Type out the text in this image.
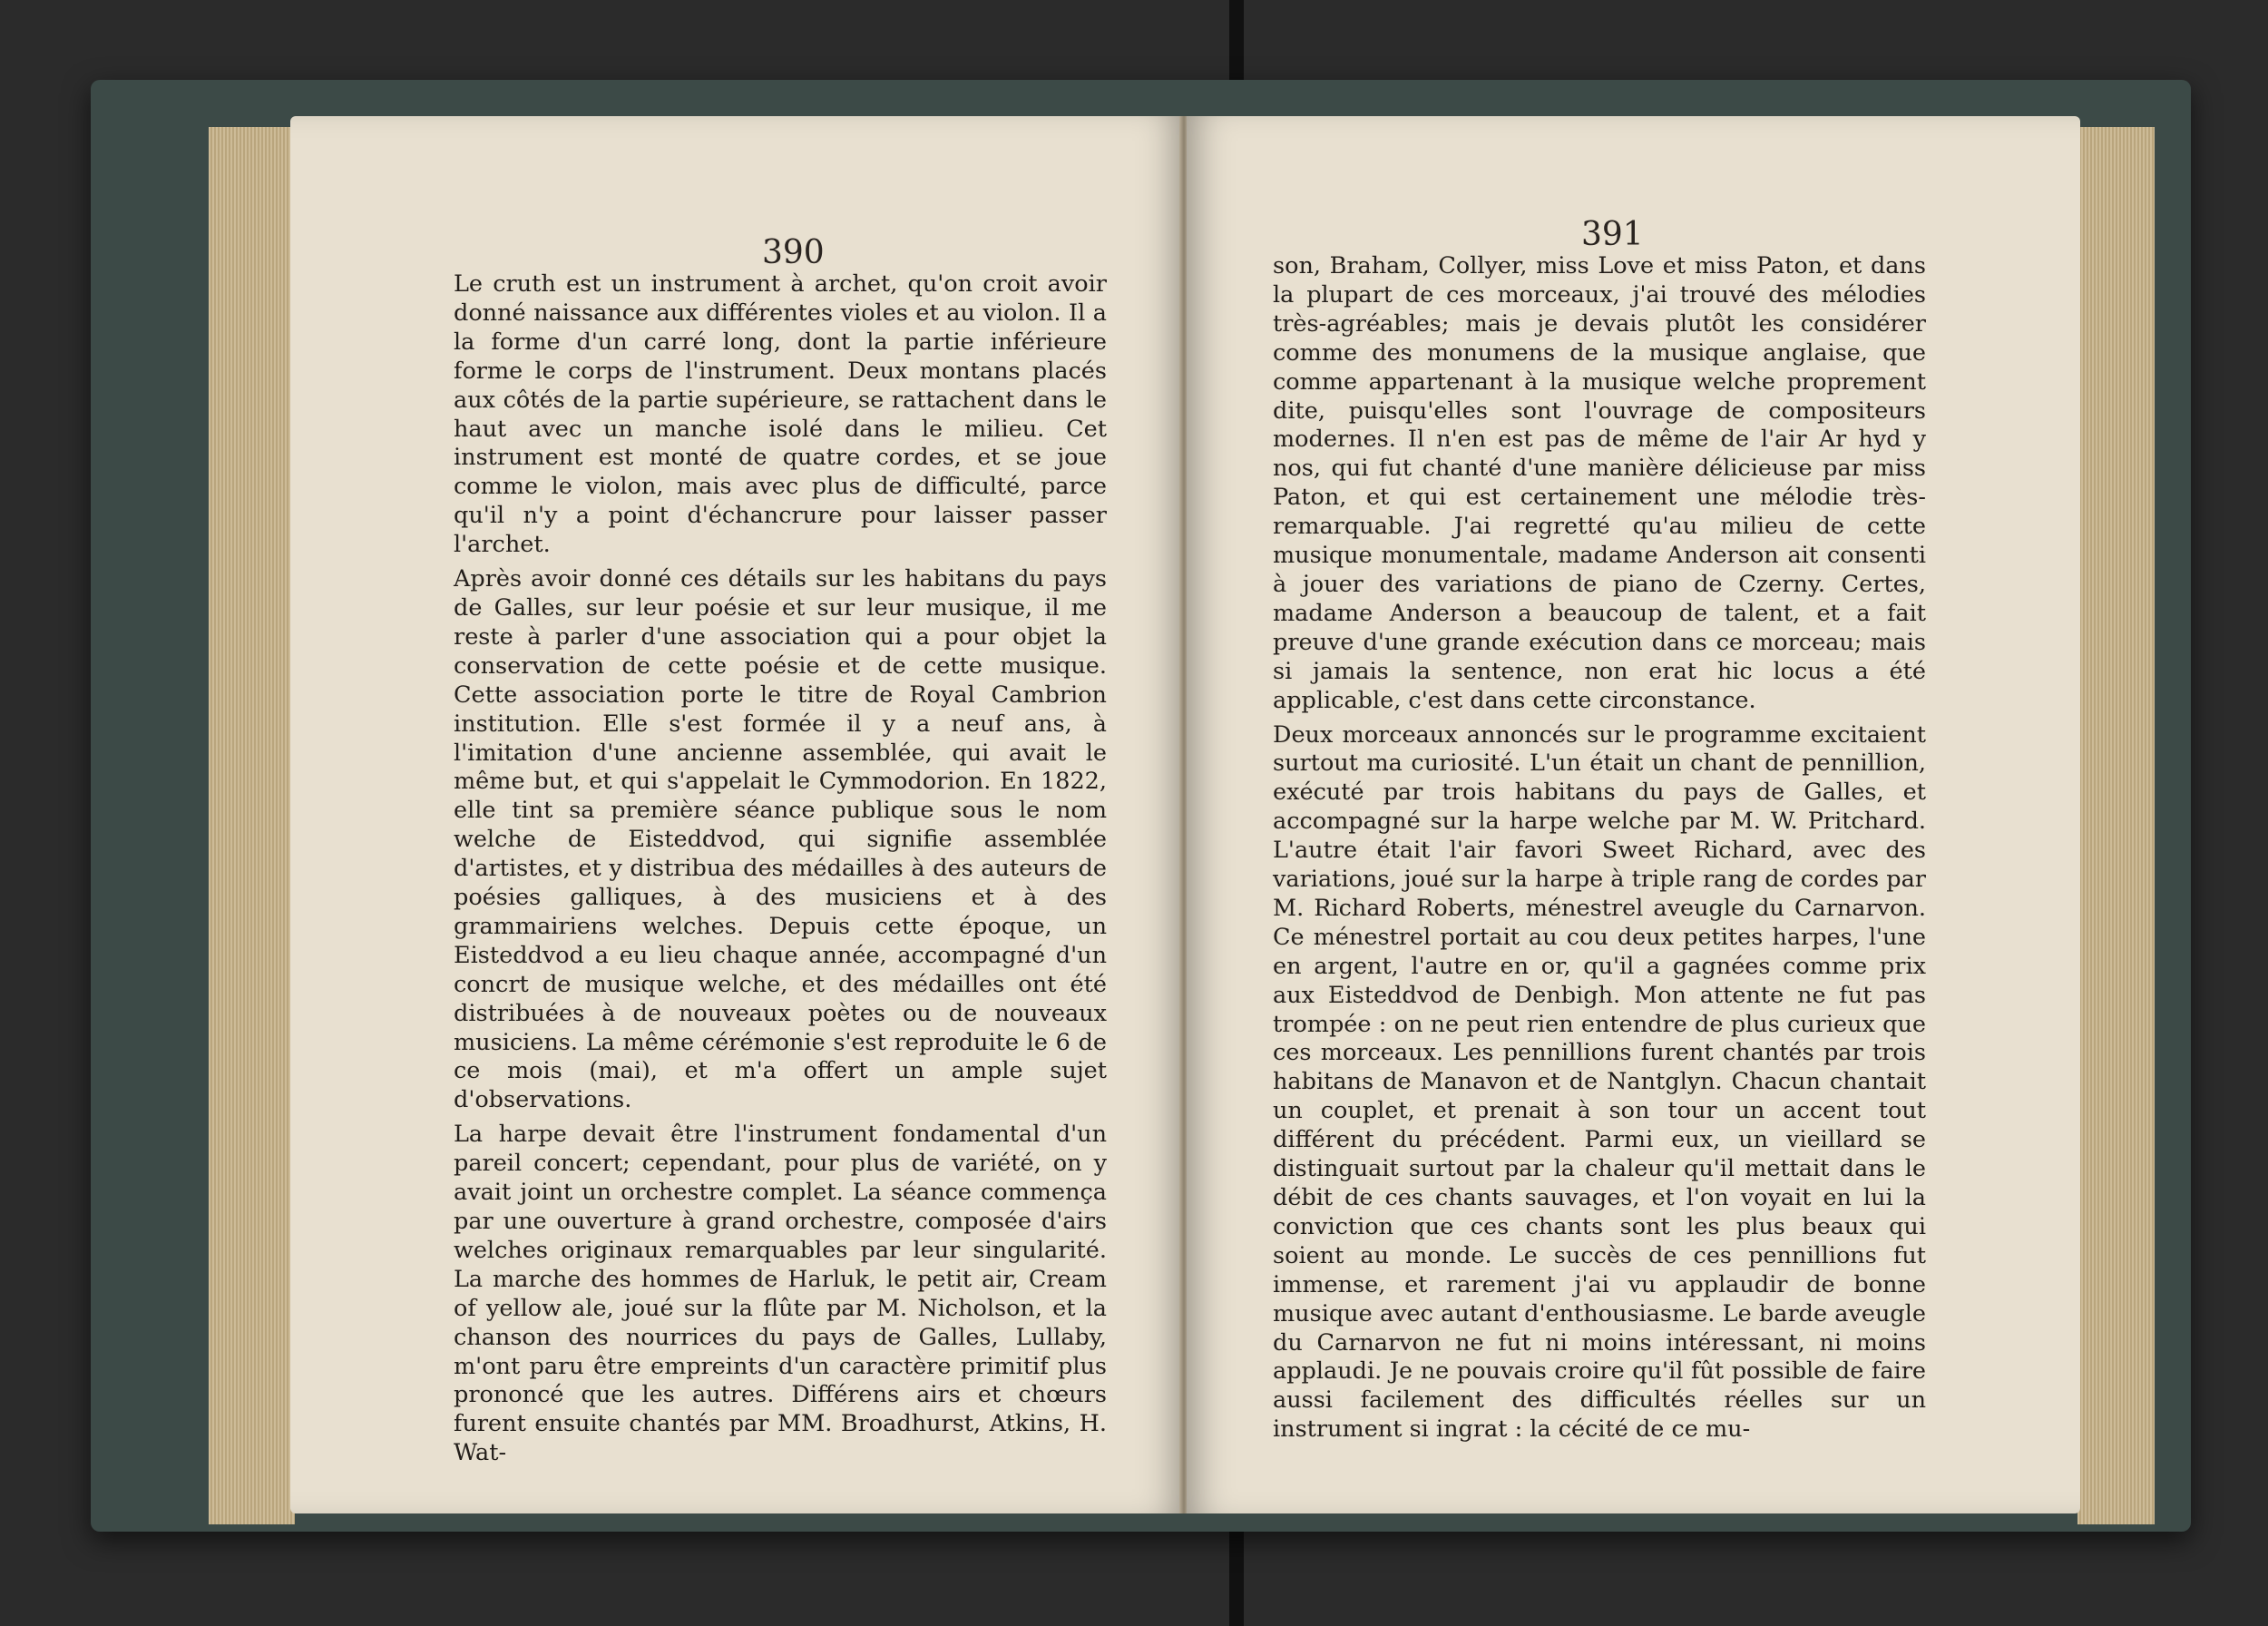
390

Le cruth est un instrument à archet, qu'on croit avoir donné naissance aux différentes violes et au violon. Il a la forme d'un carré long, dont la partie inférieure forme le corps de l'instrument. Deux montans placés aux côtés de la partie supérieure, se rattachent dans le haut avec un manche isolé dans le milieu. Cet instrument est monté de quatre cordes, et se joue comme le violon, mais avec plus de difficulté, parce qu'il n'y a point d'échancrure pour laisser passer l'archet.

Après avoir donné ces détails sur les habitans du pays de Galles, sur leur poésie et sur leur musique, il me reste à parler d'une association qui a pour objet la conservation de cette poésie et de cette musique. Cette association porte le titre de Royal Cambrion institution. Elle s'est formée il y a neuf ans, à l'imitation d'une ancienne assemblée, qui avait le même but, et qui s'appelait le Cymmodorion. En 1822, elle tint sa première séance publique sous le nom welche de Eisteddvod, qui signifie assemblée d'artistes, et y distribua des médailles à des auteurs de poésies galliques, à des musiciens et à des grammairiens welches. Depuis cette époque, un Eisteddvod a eu lieu chaque année, accompagné d'un concrt de musique welche, et des médailles ont été distribuées à de nouveaux poètes ou de nouveaux musiciens. La même cérémonie s'est reproduite le 6 de ce mois (mai), et m'a offert un ample sujet d'observations.

La harpe devait être l'instrument fondamental d'un pareil concert; cependant, pour plus de variété, on y avait joint un orchestre complet. La séance commença par une ouverture à grand orchestre, composée d'airs welches originaux remarquables par leur singularité. La marche des hommes de Harluk, le petit air, Cream of yellow ale, joué sur la flûte par M. Nicholson, et la chanson des nourrices du pays de Galles, Lullaby, m'ont paru être empreints d'un caractère primitif plus prononcé que les autres. Différens airs et chœurs furent ensuite chantés par MM. Broadhurst, Atkins, H. Wat-

391

son, Braham, Collyer, miss Love et miss Paton, et dans la plupart de ces morceaux, j'ai trouvé des mélodies très-agréables; mais je devais plutôt les considérer comme des monumens de la musique anglaise, que comme appartenant à la musique welche proprement dite, puisqu'elles sont l'ouvrage de compositeurs modernes. Il n'en est pas de même de l'air Ar hyd y nos, qui fut chanté d'une manière délicieuse par miss Paton, et qui est certainement une mélodie très-remarquable. J'ai regretté qu'au milieu de cette musique monumentale, madame Anderson ait consenti à jouer des variations de piano de Czerny. Certes, madame Anderson a beaucoup de talent, et a fait preuve d'une grande exécution dans ce morceau; mais si jamais la sentence, non erat hic locus a été applicable, c'est dans cette circonstance.

Deux morceaux annoncés sur le programme excitaient surtout ma curiosité. L'un était un chant de pennillion, exécuté par trois habitans du pays de Galles, et accompagné sur la harpe welche par M. W. Pritchard. L'autre était l'air favori Sweet Richard, avec des variations, joué sur la harpe à triple rang de cordes par M. Richard Roberts, ménestrel aveugle du Carnarvon. Ce ménestrel portait au cou deux petites harpes, l'une en argent, l'autre en or, qu'il a gagnées comme prix aux Eisteddvod de Denbigh. Mon attente ne fut pas trompée : on ne peut rien entendre de plus curieux que ces morceaux. Les pennillions furent chantés par trois habitans de Manavon et de Nantglyn. Chacun chantait un couplet, et prenait à son tour un accent tout différent du précédent. Parmi eux, un vieillard se distinguait surtout par la chaleur qu'il mettait dans le débit de ces chants sauvages, et l'on voyait en lui la conviction que ces chants sont les plus beaux qui soient au monde. Le succès de ces pennillions fut immense, et rarement j'ai vu applaudir de bonne musique avec autant d'enthousiasme. Le barde aveugle du Carnarvon ne fut ni moins intéressant, ni moins applaudi. Je ne pouvais croire qu'il fût possible de faire aussi facilement des difficultés réelles sur un instrument si ingrat : la cécité de ce mu-
